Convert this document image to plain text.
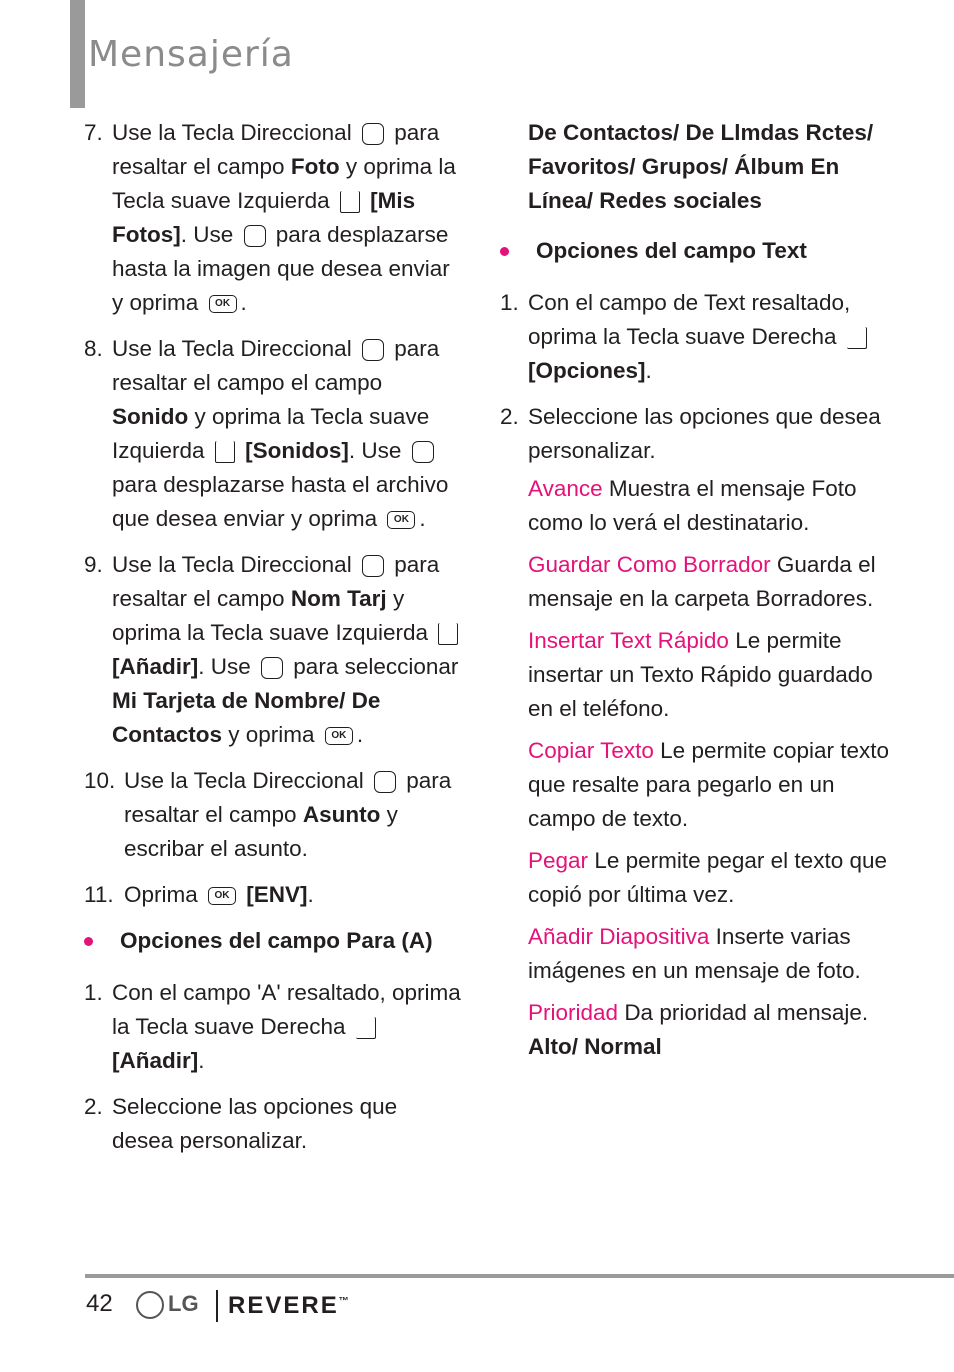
Mensajería
7. Use la Tecla Direccional para resaltar el campo Foto y oprima la Tecla suave Izquierda [Mis Fotos]. Use para desplazarse hasta la imagen que desea enviar y oprima OK .
8. Use la Tecla Direccional para resaltar el campo el campo Sonido y oprima la Tecla suave Izquierda [Sonidos]. Use  para desplazarse hasta el archivo que desea enviar y oprima OK .
9. Use la Tecla Direccional para resaltar el campo Nom Tarj y oprima la Tecla suave Izquierda  [Añadir]. Use para seleccionar Mi Tarjeta de Nombre/ De Contactos y oprima OK .
10. Use la Tecla Direccional para resaltar el campo Asunto y escribar el asunto.
11. Oprima OK [ENV].
Opciones del campo Para (A)
1. Con el campo 'A' resaltado, oprima la Tecla suave Derecha  [Añadir].
2. Seleccione las opciones que desea personalizar.
De Contactos/ De Llmdas Rctes/ Favoritos/ Grupos/ Álbum En Línea/ Redes sociales
Opciones del campo Text
1. Con el campo de Text resaltado, oprima la Tecla suave Derecha  [Opciones].
2. Seleccione las opciones que desea personalizar.
Avance Muestra el mensaje Foto como lo verá el destinatario.
Guardar Como Borrador Guarda el mensaje en la carpeta Borradores.
Insertar Text Rápido Le permite insertar un Texto Rápido guardado en el teléfono.
Copiar Texto Le permite copiar texto que resalte para pegarlo en un campo de texto.
Pegar Le permite pegar el texto que copió por última vez.
Añadir Diapositiva Inserte varias imágenes en un mensaje de foto.
Prioridad Da prioridad al mensaje.
Alto/ Normal
42	LG REVERE™
